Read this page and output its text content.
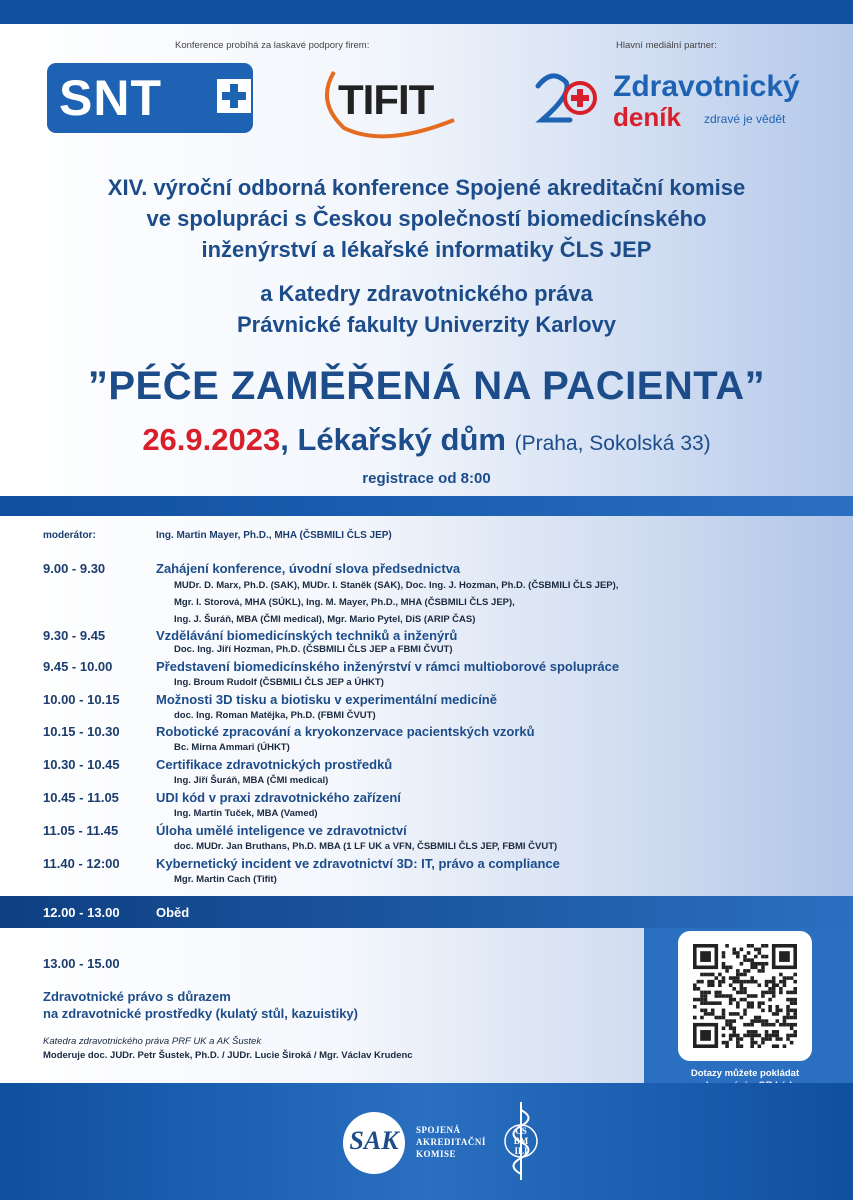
Konference probíhá za laskavé podpory firem:	Hlavní mediální partner:
SNT	TIFIT	Zdravotnický
deník zdravé je vědět
XIV. výroční odborná konference Spojené akreditační komise
ve spolupráci s Českou společností biomedicínského
inženýrství a lékařské informatiky ČLS JEP
a Katedry zdravotnického práva
Právnické fakulty Univerzity Karlovy
”PÉČE ZAMĚŘENÁ NA PACIENTA”
26.9.2023, Lékařský dům (Praha, Sokolská 33)
registrace od 8:00
moderátor:	Ing. Martin Mayer, Ph.D., MHA (ČSBMILI ČLS JEP)
9.00 - 9.30	Zahájení konference, úvodní slova předsednictva
MUDr. D. Marx, Ph.D. (SAK), MUDr. I. Staněk (SAK), Doc. Ing. J. Hozman, Ph.D. (ČSBMILI ČLS JEP),
Mgr. I. Storová, MHA (SÚKL), Ing. M. Mayer, Ph.D., MHA (ČSBMILI ČLS JEP),
Ing. J. Šuráň, MBA (ČMI medical), Mgr. Mario Pytel, DiS (ARIP ČAS)
9.30 - 9.45	Vzdělávání biomedicínských techniků a inženýrů
Doc. Ing. Jiří Hozman, Ph.D. (ČSBMILI ČLS JEP a FBMI ČVUT)
9.45 - 10.00	Představení biomedicínského inženýrství v rámci multioborové spolupráce
Ing. Broum Rudolf (ČSBMILI ČLS JEP a ÚHKT)
10.00 - 10.15	Možnosti 3D tisku a biotisku v experimentální medicíně
doc. Ing. Roman Matějka, Ph.D. (FBMI ČVUT)
10.15 - 10.30	Robotické zpracování a kryokonzervace pacientských vzorků
Bc. Mirna Ammari (ÚHKT)
10.30 - 10.45	Certifikace zdravotnických prostředků
Ing. Jiří Šuráň, MBA (ČMI medical)
10.45 - 11.05	UDI kód v praxi zdravotnického zařízení
Ing. Martin Tuček, MBA (Vamed)
11.05 - 11.45	Úloha umělé inteligence ve zdravotnictví
doc. MUDr. Jan Bruthans, Ph.D. MBA (1 LF UK a VFN, ČSBMILI ČLS JEP, FBMI ČVUT)
11.40 - 12:00	Kybernetický incident ve zdravotnictví 3D: IT, právo a compliance
Mgr. Martin Cach (Tifit)
12.00 - 13.00	Oběd
13.00 - 15.00
Zdravotnické právo s důrazem
na zdravotnické prostředky (kulatý stůl, kazuistiky)
Katedra zdravotnického práva PRF UK a AK Šustek
Moderuje doc. JUDr. Petr Šustek, Ph.D. / JUDr. Lucie Široká / Mgr. Václav Krudenc
Dotazy můžete pokládat
SAK	SPOJENÁ
AKREDITAČNÍ
KOMISE
ČS
BM
ILI
